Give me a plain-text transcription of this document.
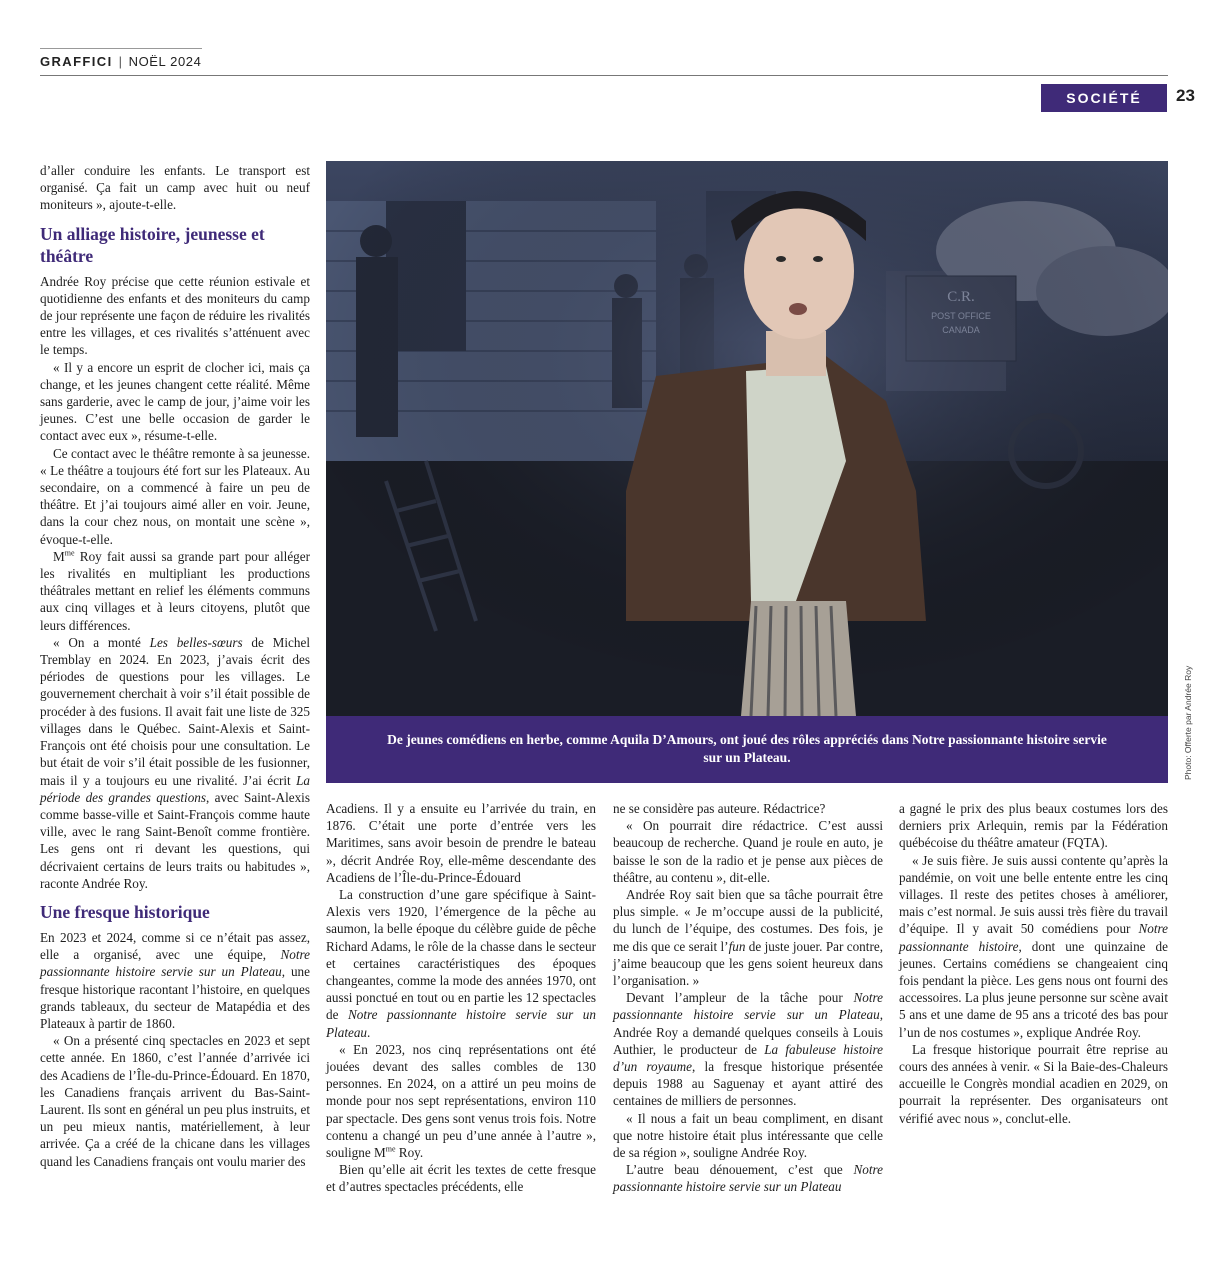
GRAFFICI | NOËL 2024
SOCIÉTÉ	23

d’aller conduire les enfants. Le transport est organisé. Ça fait un camp avec huit ou neuf moniteurs », ajoute-t-elle.

Un alliage histoire, jeunesse et théâtre

Andrée Roy précise que cette réunion estivale et quotidienne des enfants et des moniteurs du camp de jour représente une façon de réduire les rivalités entre les villages, et ces rivalités s’atténuent avec le temps.

« Il y a encore un esprit de clocher ici, mais ça change, et les jeunes changent cette réalité. Même sans garderie, avec le camp de jour, j’aime voir les jeunes. C’est une belle occasion de garder le contact avec eux », résume-t-elle.

Ce contact avec le théâtre remonte à sa jeunesse. « Le théâtre a toujours été fort sur les Plateaux. Au secondaire, on a commencé à faire un peu de théâtre. Et j’ai toujours aimé aller en voir. Jeune, dans la cour chez nous, on montait une scène », évoque-t-elle.

$M^{me}$ Roy fait aussi sa grande part pour alléger les rivalités en multipliant les productions théâtrales mettant en relief les éléments communs aux cinq villages et à leurs citoyens, plutôt que leurs différences.

« On a monté Les belles-sœurs de Michel Tremblay en 2024. En 2023, j’avais écrit des périodes de questions pour les villages. Le gouvernement cherchait à voir s’il était possible de procéder à des fusions. Il avait fait une liste de 325 villages dans le Québec. Saint-Alexis et Saint-François ont été choisis pour une consultation. Le but était de voir s’il était possible de les fusionner, mais il y a toujours eu une rivalité. J’ai écrit La période des grandes questions, avec Saint-Alexis comme basse-ville et Saint-François comme haute ville, avec le rang Saint-Benoît comme frontière. Les gens ont ri devant les questions, qui décrivaient certains de leurs traits ou habitudes », raconte Andrée Roy.

Une fresque historique

En 2023 et 2024, comme si ce n’était pas assez, elle a organisé, avec une équipe, Notre passionnante histoire servie sur un Plateau, une fresque historique racontant l’histoire, en quelques grands tableaux, du secteur de Matapédia et des Plateaux à partir de 1860.

« On a présenté cinq spectacles en 2023 et sept cette année. En 1860, c’est l’année d’arrivée ici des Acadiens de l’Île-du-Prince-Édouard. En 1870, les Canadiens français arrivent du Bas-Saint-Laurent. Ils sont en général un peu plus instruits, et un peu mieux nantis, matériellement, à leur arrivée. Ça a créé de la chicane dans les villages quand les Canadiens français ont voulu marier des

De jeunes comédiens en herbe, comme Aquila D’Amours, ont joué des rôles appréciés dans Notre passionnante histoire servie sur un Plateau.	Photo: Offerte par Andrée Roy

Acadiens. Il y a ensuite eu l’arrivée du train, en 1876. C’était une porte d’entrée vers les Maritimes, sans avoir besoin de prendre le bateau », décrit Andrée Roy, elle-même descendante des Acadiens de l’Île-du-Prince-Édouard

La construction d’une gare spécifique à Saint-Alexis vers 1920, l’émergence de la pêche au saumon, la belle époque du célèbre guide de pêche Richard Adams, le rôle de la chasse dans le secteur et certaines caractéristiques des époques changeantes, comme la mode des années 1970, ont aussi ponctué en tout ou en partie les 12 spectacles de Notre passionnante histoire servie sur un Plateau.

« En 2023, nos cinq représentations ont été jouées devant des salles combles de 130 personnes. En 2024, on a attiré un peu moins de monde pour nos sept représentations, environ 110 par spectacle. Des gens sont venus trois fois. Notre contenu a changé un peu d’une année à l’autre », souligne $M^{me}$ Roy.

Bien qu’elle ait écrit les textes de cette fresque et d’autres spectacles précédents, elle

ne se considère pas auteure. Rédactrice?

« On pourrait dire rédactrice. C’est aussi beaucoup de recherche. Quand je roule en auto, je baisse le son de la radio et je pense aux pièces de théâtre, au contenu », dit-elle.

Andrée Roy sait bien que sa tâche pourrait être plus simple. « Je m’occupe aussi de la publicité, du lunch de l’équipe, des costumes. Des fois, je me dis que ce serait l’fun de juste jouer. Par contre, j’aime beaucoup que les gens soient heureux dans l’organisation. »

Devant l’ampleur de la tâche pour Notre passionnante histoire servie sur un Plateau, Andrée Roy a demandé quelques conseils à Louis Authier, le producteur de La fabuleuse histoire d’un royaume, la fresque historique présentée depuis 1988 au Saguenay et ayant attiré des centaines de milliers de personnes.

« Il nous a fait un beau compliment, en disant que notre histoire était plus intéressante que celle de sa région », souligne Andrée Roy.

L’autre beau dénouement, c’est que Notre passionnante histoire servie sur un Plateau

a gagné le prix des plus beaux costumes lors des derniers prix Arlequin, remis par la Fédération québécoise du théâtre amateur (FQTA).

« Je suis fière. Je suis aussi contente qu’après la pandémie, on voit une belle entente entre les cinq villages. Il reste des petites choses à améliorer, mais c’est normal. Je suis aussi très fière du travail d’équipe. Il y avait 50 comédiens pour Notre passionnante histoire, dont une quinzaine de jeunes. Certains comédiens se changeaient cinq fois pendant la pièce. Les gens nous ont fourni des accessoires. La plus jeune personne sur scène avait 5 ans et une dame de 95 ans a tricoté des bas pour l’un de nos costumes », explique Andrée Roy.

La fresque historique pourrait être reprise au cours des années à venir. « Si la Baie-des-Chaleurs accueille le Congrès mondial acadien en 2029, on pourrait la représenter. Des organisateurs ont vérifié avec nous », conclut-elle.
